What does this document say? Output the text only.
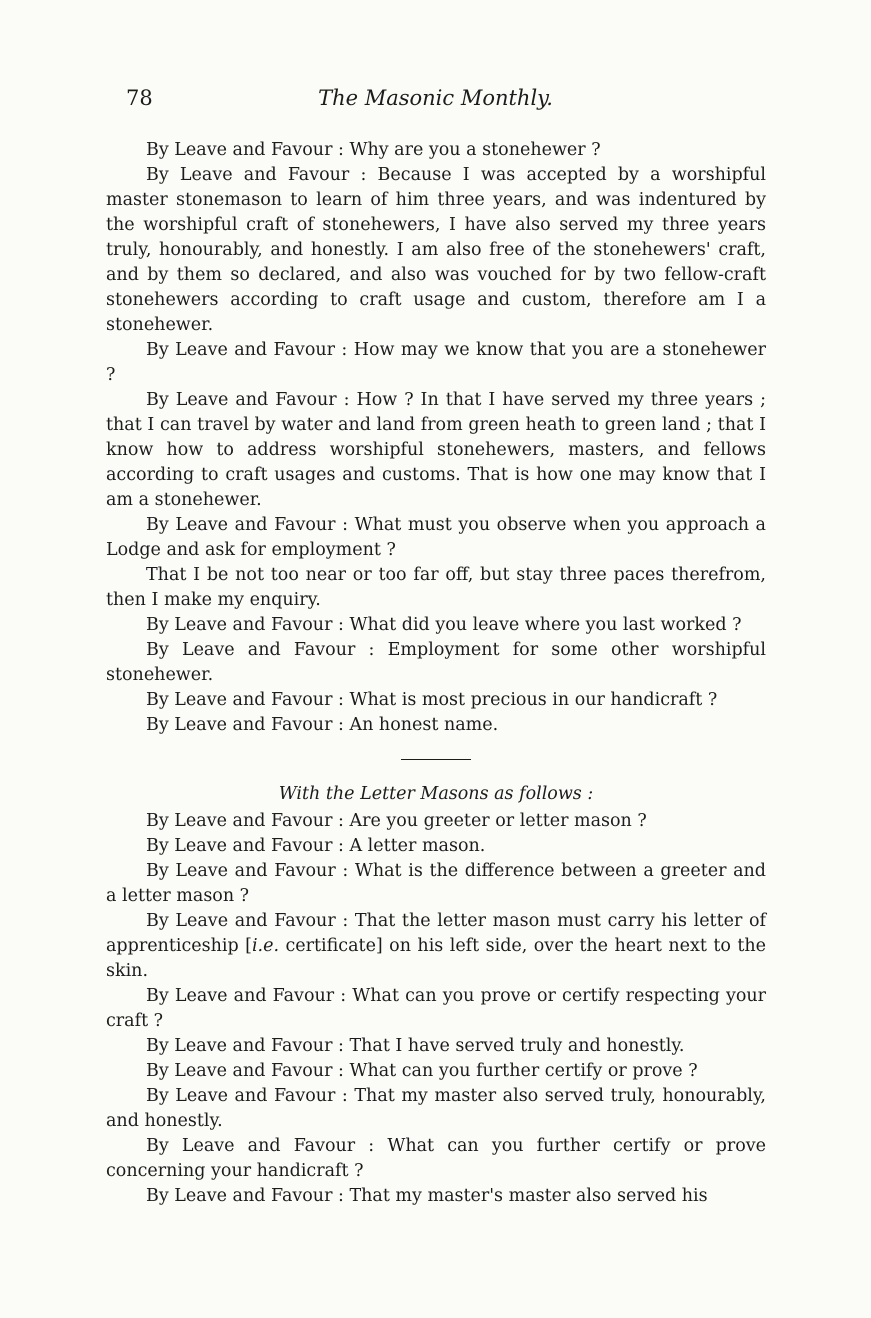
78	The Masonic Monthly.

By Leave and Favour : Why are you a stonehewer ?

By Leave and Favour : Because I was accepted by a worshipful master stonemason to learn of him three years, and was indentured by the worshipful craft of stonehewers, I have also served my three years truly, honourably, and honestly. I am also free of the stonehewers' craft, and by them so declared, and also was vouched for by two fellow-craft stonehewers according to craft usage and custom, therefore am I a stonehewer.

By Leave and Favour : How may we know that you are a stonehewer ?

By Leave and Favour : How ? In that I have served my three years ; that I can travel by water and land from green heath to green land ; that I know how to address worshipful stonehewers, masters, and fellows according to craft usages and customs. That is how one may know that I am a stonehewer.

By Leave and Favour : What must you observe when you approach a Lodge and ask for employment ?

That I be not too near or too far off, but stay three paces therefrom, then I make my enquiry.

By Leave and Favour : What did you leave where you last worked ?

By Leave and Favour : Employment for some other worshipful stonehewer.

By Leave and Favour : What is most precious in our handicraft ?

By Leave and Favour : An honest name.

With the Letter Masons as follows :

By Leave and Favour : Are you greeter or letter mason ?

By Leave and Favour : A letter mason.

By Leave and Favour : What is the difference between a greeter and a letter mason ?

By Leave and Favour : That the letter mason must carry his letter of apprenticeship [i.e. certificate] on his left side, over the heart next to the skin.

By Leave and Favour : What can you prove or certify respecting your craft ?

By Leave and Favour : That I have served truly and honestly.

By Leave and Favour : What can you further certify or prove ?

By Leave and Favour : That my master also served truly, honourably, and honestly.

By Leave and Favour : What can you further certify or prove concerning your handicraft ?

By Leave and Favour : That my master's master also served his
